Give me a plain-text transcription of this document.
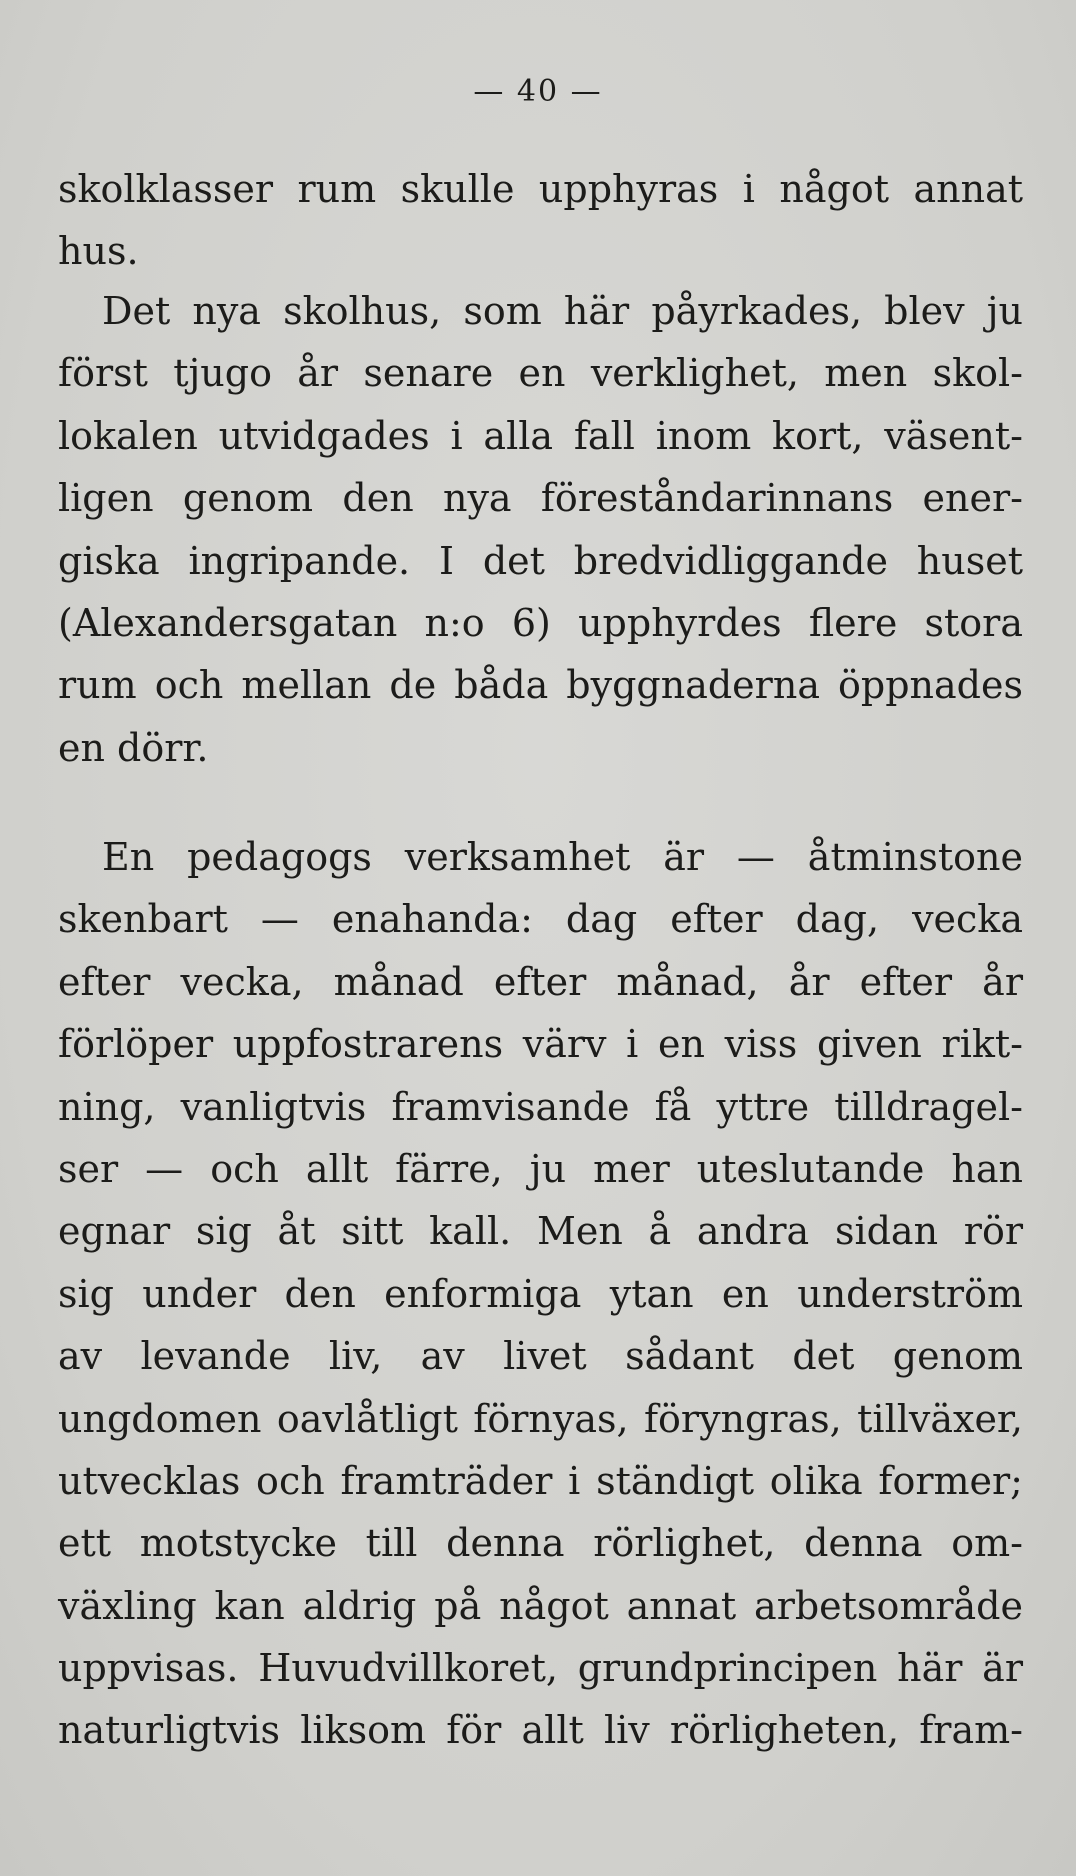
— 40 —
skolklasser rum skulle upphyras i något annat
hus.
Det nya skolhus, som här påyrkades, blev ju
först tjugo år senare en verklighet, men skol-
lokalen utvidgades i alla fall inom kort, väsent-
ligen genom den nya föreståndarinnans ener-
giska ingripande. I det bredvidliggande huset
(Alexandersgatan n:o 6) upphyrdes flere stora
rum och mellan de båda byggnaderna öppnades
en dörr.
En pedagogs verksamhet är — åtminstone
skenbart — enahanda: dag efter dag, vecka
efter vecka, månad efter månad, år efter år
förlöper uppfostrarens värv i en viss given rikt-
ning, vanligtvis framvisande få yttre tilldragel-
ser — och allt färre, ju mer uteslutande han
egnar sig åt sitt kall. Men å andra sidan rör
sig under den enformiga ytan en underström
av levande liv, av livet sådant det genom
ungdomen oavlåtligt förnyas, föryngras, tillväxer,
utvecklas och framträder i ständigt olika former;
ett motstycke till denna rörlighet, denna om-
växling kan aldrig på något annat arbetsområde
uppvisas. Huvudvillkoret, grundprincipen här är
naturligtvis liksom för allt liv rörligheten, fram-
